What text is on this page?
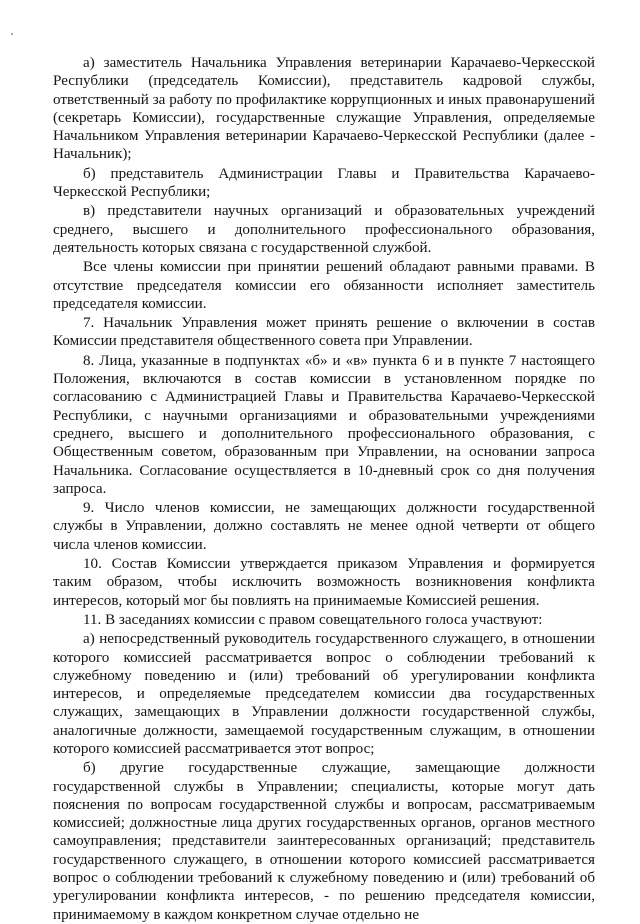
а) заместитель Начальника Управления ветеринарии Карачаево-Черкесской Республики (председатель Комиссии), представитель кадровой службы, ответственный за работу по профилактике коррупционных и иных правонарушений (секретарь Комиссии), государственные служащие Управления, определяемые Начальником Управления ветеринарии Карачаево-Черкесской Республики (далее - Начальник);

б) представитель Администрации Главы и Правительства Карачаево-Черкесской Республики;

в) представители научных организаций и образовательных учреждений среднего, высшего и дополнительного профессионального образования, деятельность которых связана с государственной службой.

Все члены комиссии при принятии решений обладают равными правами. В отсутствие председателя комиссии его обязанности исполняет заместитель председателя комиссии.

7. Начальник Управления может принять решение о включении в состав Комиссии представителя общественного совета при Управлении.

8. Лица, указанные в подпунктах «б» и «в» пункта 6 и в пункте 7 настоящего Положения, включаются в состав комиссии в установленном порядке по согласованию с Администрацией Главы и Правительства Карачаево-Черкесской Республики, с научными организациями и образовательными учреждениями среднего, высшего и дополнительного профессионального образования, с Общественным советом, образованным при Управлении, на основании запроса Начальника. Согласование осуществляется в 10-дневный срок со дня получения запроса.

9. Число членов комиссии, не замещающих должности государственной службы в Управлении, должно составлять не менее одной четверти от общего числа членов комиссии.

10. Состав Комиссии утверждается приказом Управления и формируется таким образом, чтобы исключить возможность возникновения конфликта интересов, который мог бы повлиять на принимаемые Комиссией решения.

11. В заседаниях комиссии с правом совещательного голоса участвуют:

а) непосредственный руководитель государственного служащего, в отношении которого комиссией рассматривается вопрос о соблюдении требований к служебному поведению и (или) требований об урегулировании конфликта интересов, и определяемые председателем комиссии два государственных служащих, замещающих в Управлении должности государственной службы, аналогичные должности, замещаемой государственным служащим, в отношении которого комиссией рассматривается этот вопрос;

б) другие государственные служащие, замещающие должности государственной службы в Управлении; специалисты, которые могут дать пояснения по вопросам государственной службы и вопросам, рассматриваемым комиссией; должностные лица других государственных органов, органов местного самоуправления; представители заинтересованных организаций; представитель государственного служащего, в отношении которого комиссией рассматривается вопрос о соблюдении требований к служебному поведению и (или) требований об урегулировании конфликта интересов, - по решению председателя комиссии, принимаемому в каждом конкретном случае отдельно не
